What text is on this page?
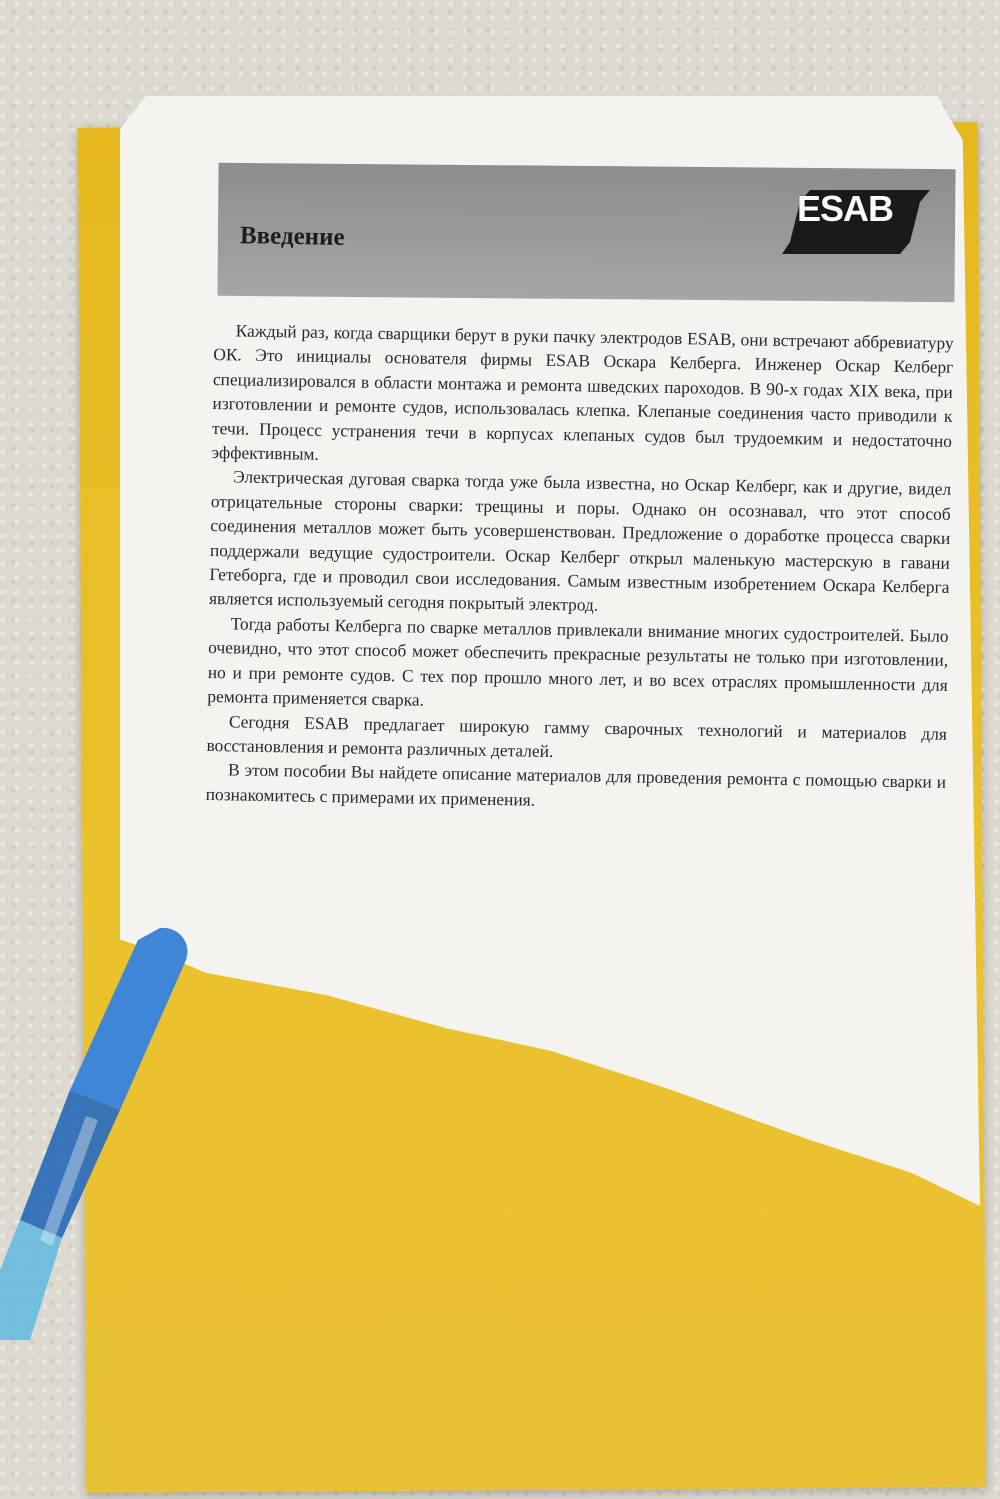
Введение
ESAB

Каждый раз, когда сварщики берут в руки пачку электродов ESAB, они встречают аббревиатуру ОК. Это инициалы основателя фирмы ESAB Оскара Келберга. Инженер Оскар Келберг специализировался в области монтажа и ремонта шведских пароходов. В 90-х годах XIX века, при изготовлении и ремонте судов, использовалась клепка. Клепаные соединения часто приводили к течи. Процесс устранения течи в корпусах клепаных судов был трудоемким и недостаточно эффективным.

Электрическая дуговая сварка тогда уже была известна, но Оскар Келберг, как и другие, видел отрицательные стороны сварки: трещины и поры. Однако он осознавал, что этот способ соединения металлов может быть усовершенствован. Предложение о доработке процесса сварки поддержали ведущие судостроители. Оскар Келберг открыл маленькую мастерскую в гавани Гетеборга, где и проводил свои исследования. Самым известным изобретением Оскара Келберга является используемый сегодня покрытый электрод.

Тогда работы Келберга по сварке металлов привлекали внимание многих судостроителей. Было очевидно, что этот способ может обеспечить прекрасные результаты не только при изготовлении, но и при ремонте судов. С тех пор прошло много лет, и во всех отраслях промышленности для ремонта применяется сварка.

Сегодня ESAB предлагает широкую гамму сварочных технологий и материалов для восстановления и ремонта различных деталей.

В этом пособии Вы найдете описание материалов для проведения ремонта с помощью сварки и познакомитесь с примерами их применения.
